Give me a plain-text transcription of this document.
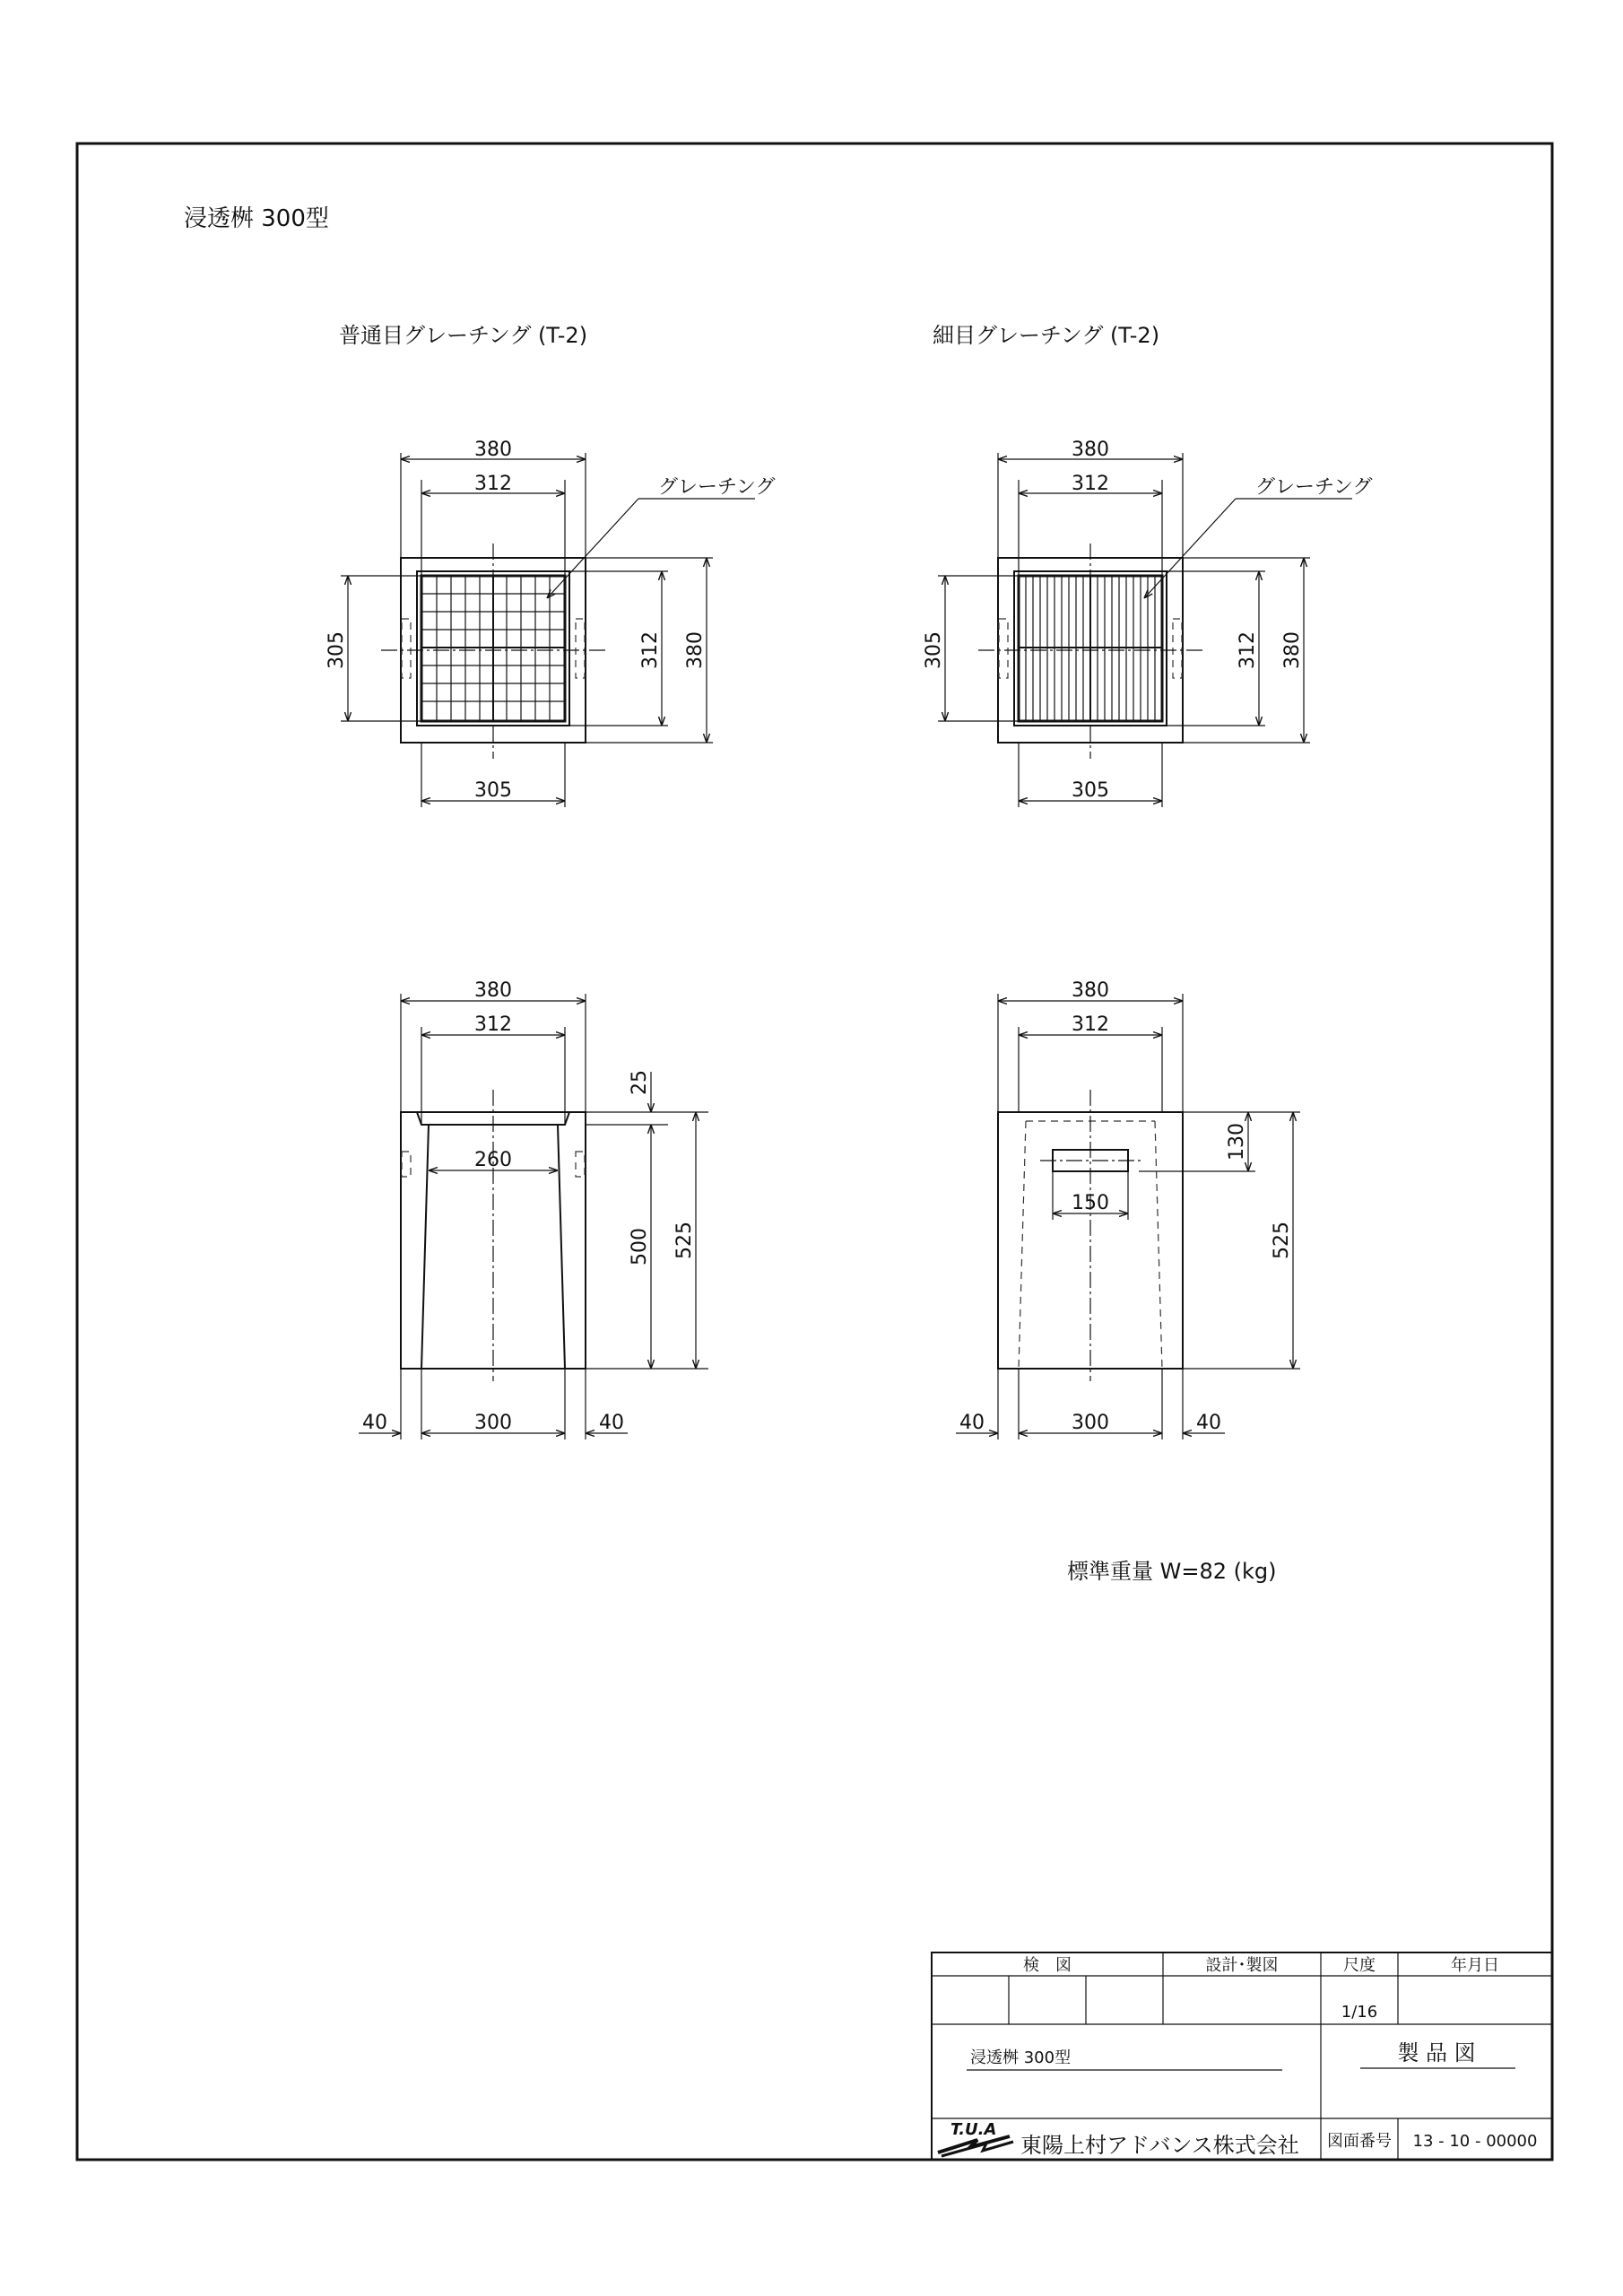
浸透桝 300型
普通目グレーチング (T-2)	細目グレーチング (T-2)
グレーチング
380
312
305
305	312 380
グレーチング
380
312
305
305	312 380
260
380
312
40	300	40
25
500 525
150
380
312
40	300	40
130
525
標準重量 W=82 (kg)
検　図	設計･製図	尺度	年月日
1/16
浸透桝 300型	製 品 図
T.U.A
東陽上村アドバンス株式会社 図面番号 13 - 10 - 00000
